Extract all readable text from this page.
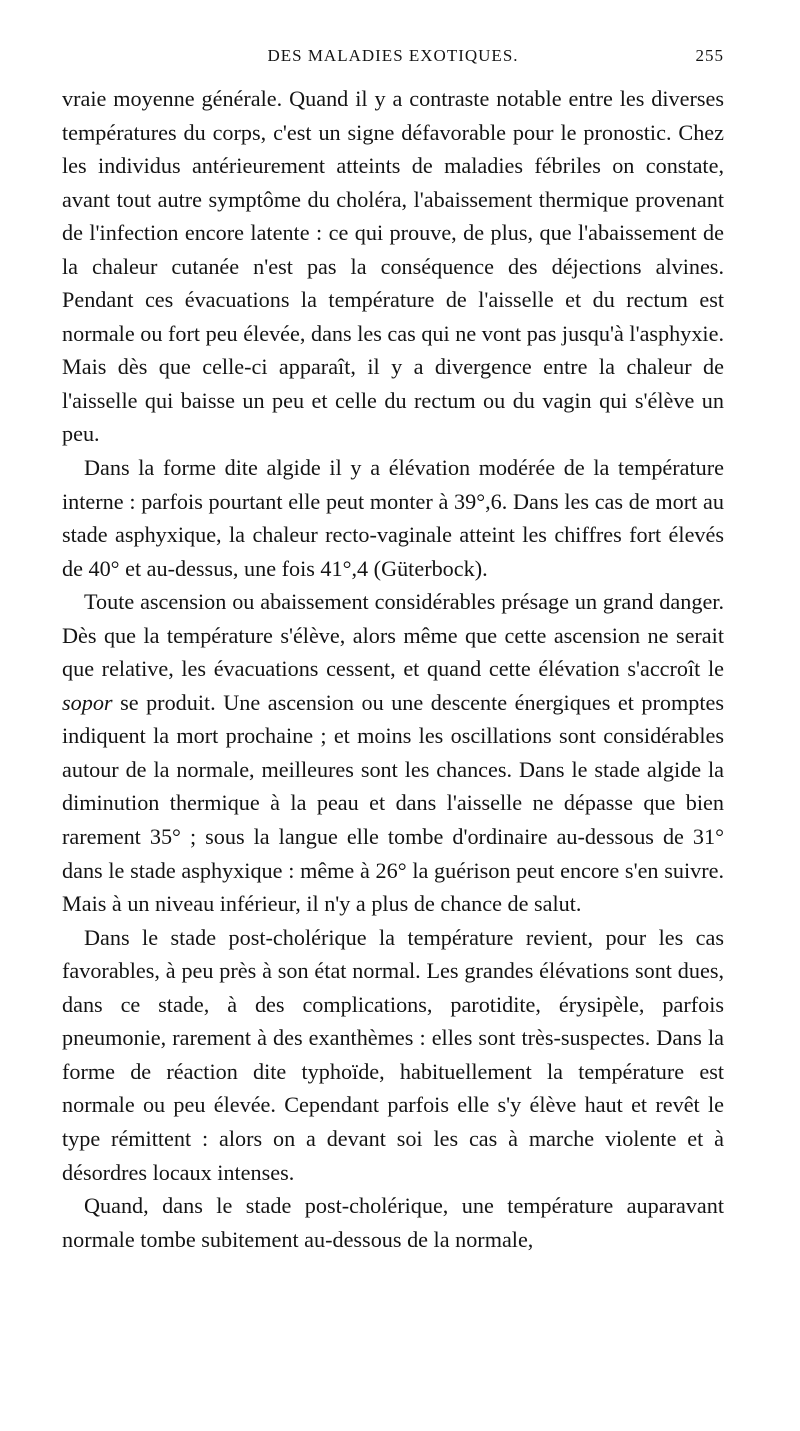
DES MALADIES EXOTIQUES.	255

vraie moyenne générale. Quand il y a contraste notable entre les diverses températures du corps, c'est un signe défavorable pour le pronostic. Chez les individus antérieurement atteints de maladies fébriles on constate, avant tout autre symptôme du choléra, l'abaissement thermique provenant de l'infection encore latente : ce qui prouve, de plus, que l'abaissement de la chaleur cutanée n'est pas la conséquence des déjections alvines. Pendant ces évacuations la température de l'aisselle et du rectum est normale ou fort peu élevée, dans les cas qui ne vont pas jusqu'à l'asphyxie. Mais dès que celle-ci apparaît, il y a divergence entre la chaleur de l'aisselle qui baisse un peu et celle du rectum ou du vagin qui s'élève un peu.

Dans la forme dite algide il y a élévation modérée de la température interne : parfois pourtant elle peut monter à 39°,6. Dans les cas de mort au stade asphyxique, la chaleur recto-vaginale atteint les chiffres fort élevés de 40° et au-dessus, une fois 41°,4 (Güterbock).

Toute ascension ou abaissement considérables présage un grand danger. Dès que la température s'élève, alors même que cette ascension ne serait que relative, les évacuations cessent, et quand cette élévation s'accroît le sopor se produit. Une ascension ou une descente énergiques et promptes indiquent la mort prochaine ; et moins les oscillations sont considérables autour de la normale, meilleures sont les chances. Dans le stade algide la diminution thermique à la peau et dans l'aisselle ne dépasse que bien rarement 35° ; sous la langue elle tombe d'ordinaire au-dessous de 31° dans le stade asphyxique : même à 26° la guérison peut encore s'en suivre. Mais à un niveau inférieur, il n'y a plus de chance de salut.

Dans le stade post-cholérique la température revient, pour les cas favorables, à peu près à son état normal. Les grandes élévations sont dues, dans ce stade, à des complications, parotidite, érysipèle, parfois pneumonie, rarement à des exanthèmes : elles sont très-suspectes. Dans la forme de réaction dite typhoïde, habituellement la température est normale ou peu élevée. Cependant parfois elle s'y élève haut et revêt le type rémittent : alors on a devant soi les cas à marche violente et à désordres locaux intenses.

Quand, dans le stade post-cholérique, une température auparavant normale tombe subitement au-dessous de la normale,
